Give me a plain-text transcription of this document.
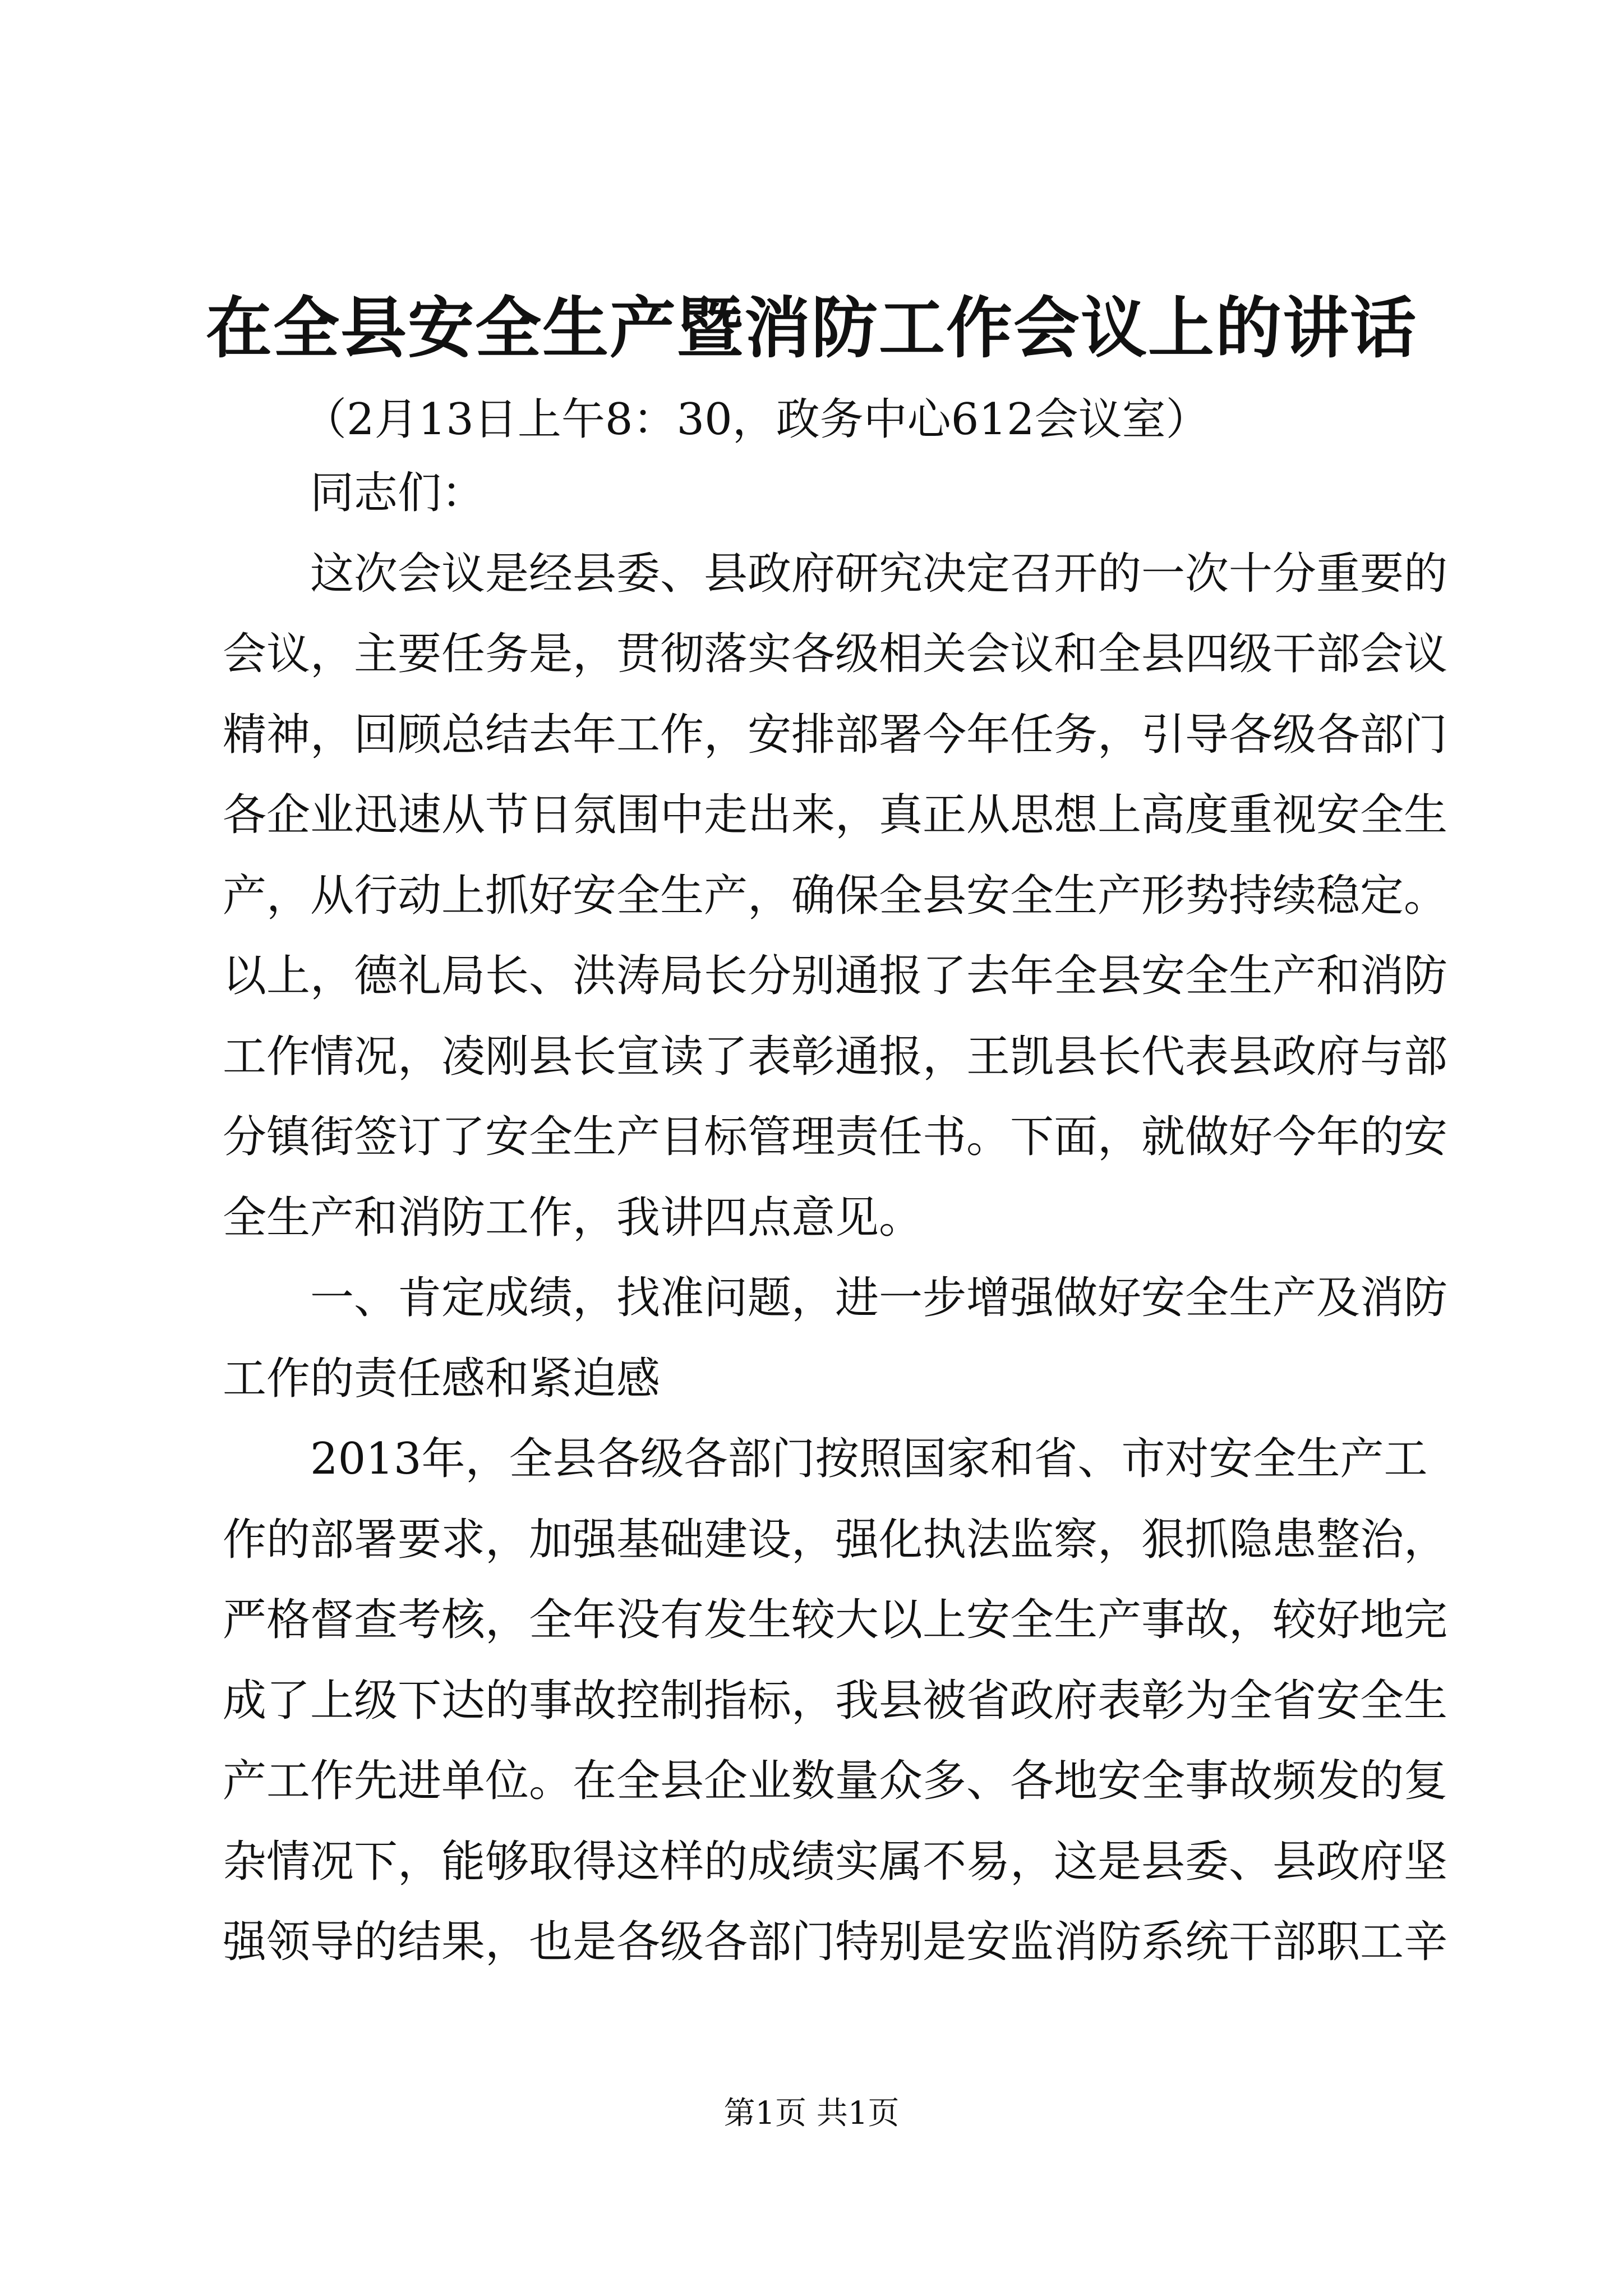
在全县安全生产暨消防工作会议上的讲话
（2月13日上午8：30，政务中心612会议室）
同志们：
这次会议是经县委、县政府研究决定召开的一次十分重要的
会议，主要任务是，贯彻落实各级相关会议和全县四级干部会议
精神，回顾总结去年工作，安排部署今年任务，引导各级各部门
各企业迅速从节日氛围中走出来，真正从思想上高度重视安全生
产，从行动上抓好安全生产，确保全县安全生产形势持续稳定。
以上，德礼局长、洪涛局长分别通报了去年全县安全生产和消防
工作情况，凌刚县长宣读了表彰通报，王凯县长代表县政府与部
分镇街签订了安全生产目标管理责任书。下面，就做好今年的安
全生产和消防工作，我讲四点意见。
一、肯定成绩，找准问题，进一步增强做好安全生产及消防
工作的责任感和紧迫感
2013年，全县各级各部门按照国家和省、市对安全生产工
作的部署要求，加强基础建设，强化执法监察，狠抓隐患整治，
严格督查考核，全年没有发生较大以上安全生产事故，较好地完
成了上级下达的事故控制指标，我县被省政府表彰为全省安全生
产工作先进单位。在全县企业数量众多、各地安全事故频发的复
杂情况下，能够取得这样的成绩实属不易，这是县委、县政府坚
强领导的结果，也是各级各部门特别是安监消防系统干部职工辛
第1页 共1页
